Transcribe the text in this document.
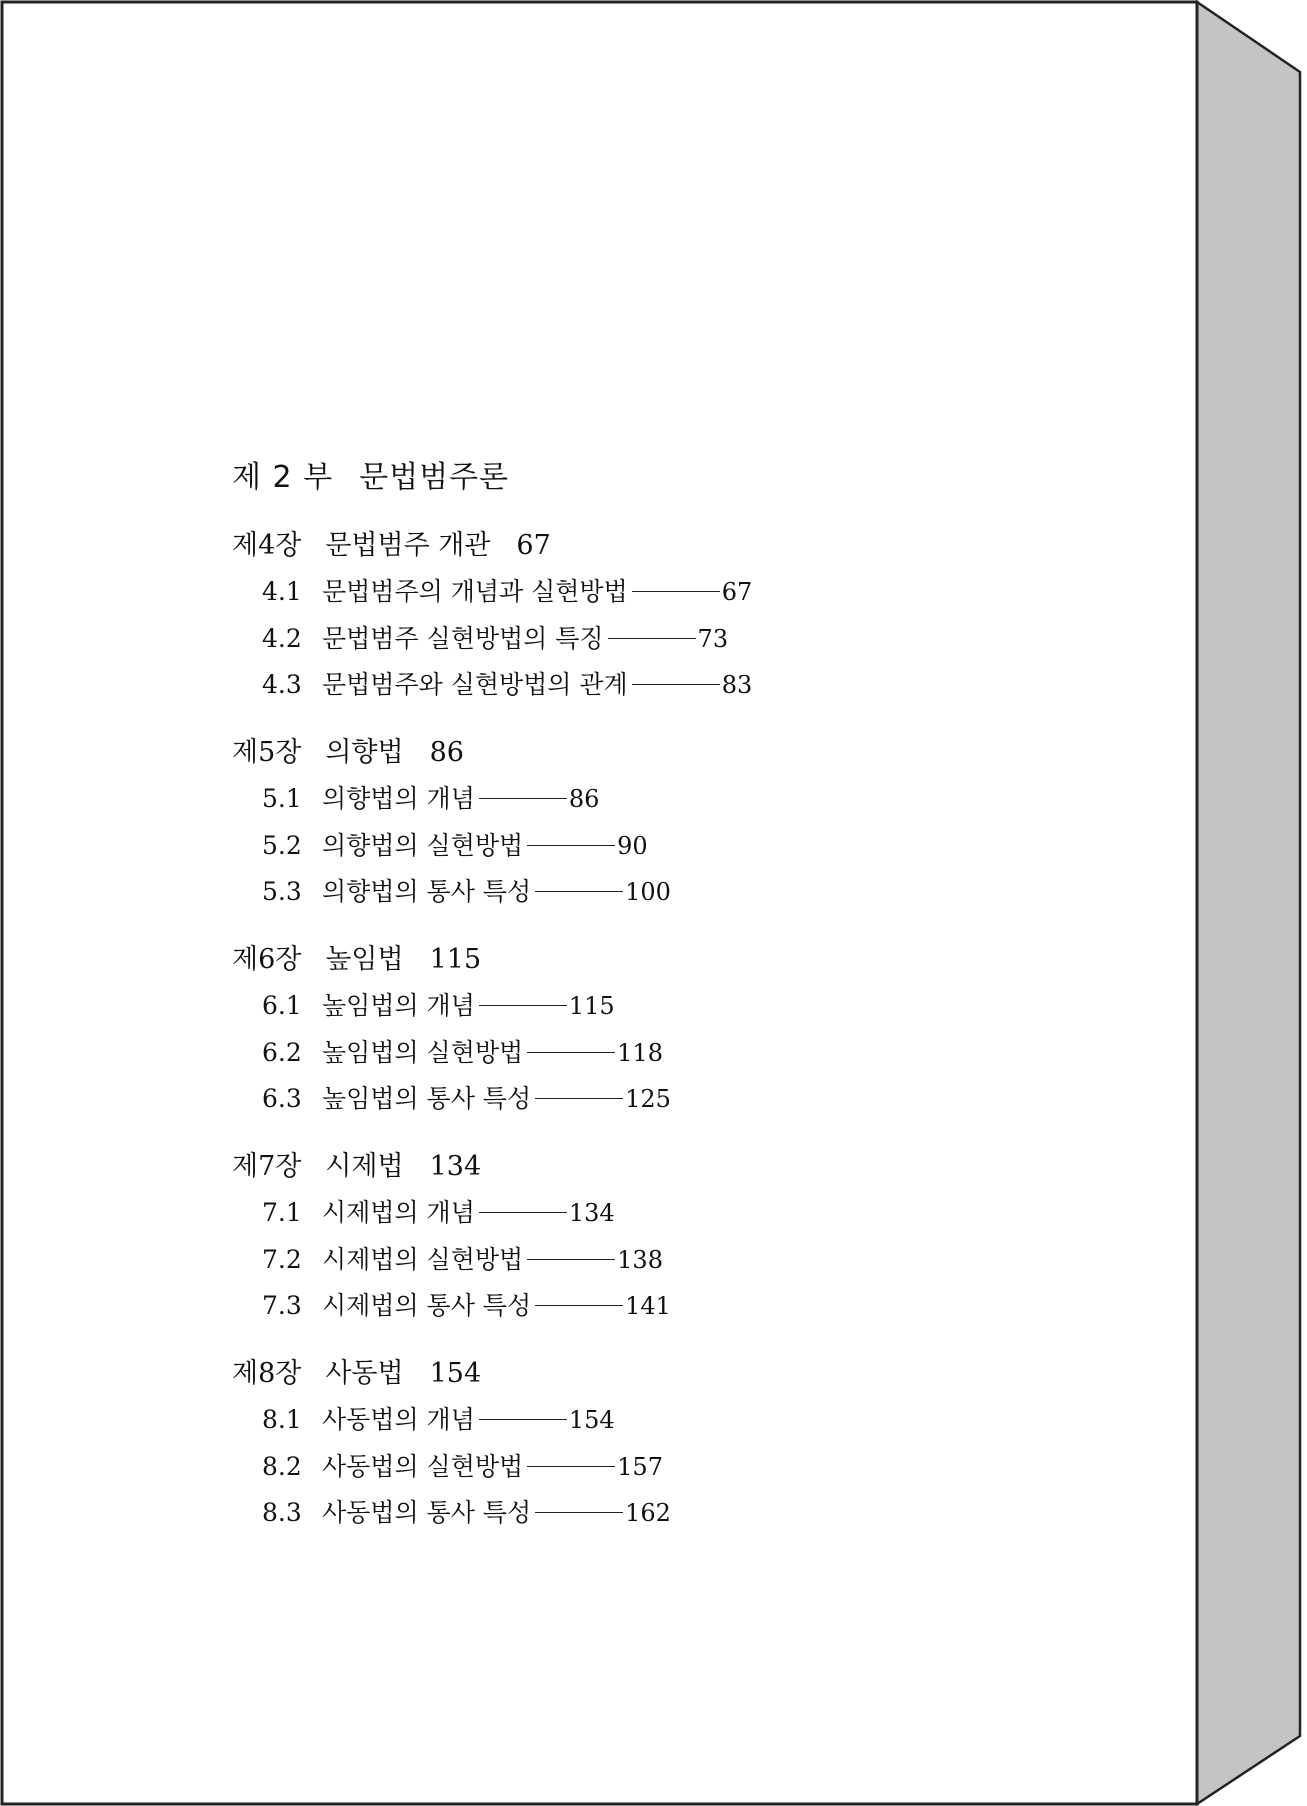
제 2 부 문법범주론
제4장 문법범주 개관 67
4.1 문법범주의 개념과 실현방법	67
4.2 문법범주 실현방법의 특징	73
4.3 문법범주와 실현방법의 관계	83
제5장 의향법 86
5.1 의향법의 개념	86
5.2 의향법의 실현방법	90
5.3 의향법의 통사 특성	100
제6장 높임법 115
6.1 높임법의 개념	115
6.2 높임법의 실현방법	118
6.3 높임법의 통사 특성	125
제7장 시제법 134
7.1 시제법의 개념	134
7.2 시제법의 실현방법	138
7.3 시제법의 통사 특성	141
제8장 사동법 154
8.1 사동법의 개념	154
8.2 사동법의 실현방법	157
8.3 사동법의 통사 특성	162
